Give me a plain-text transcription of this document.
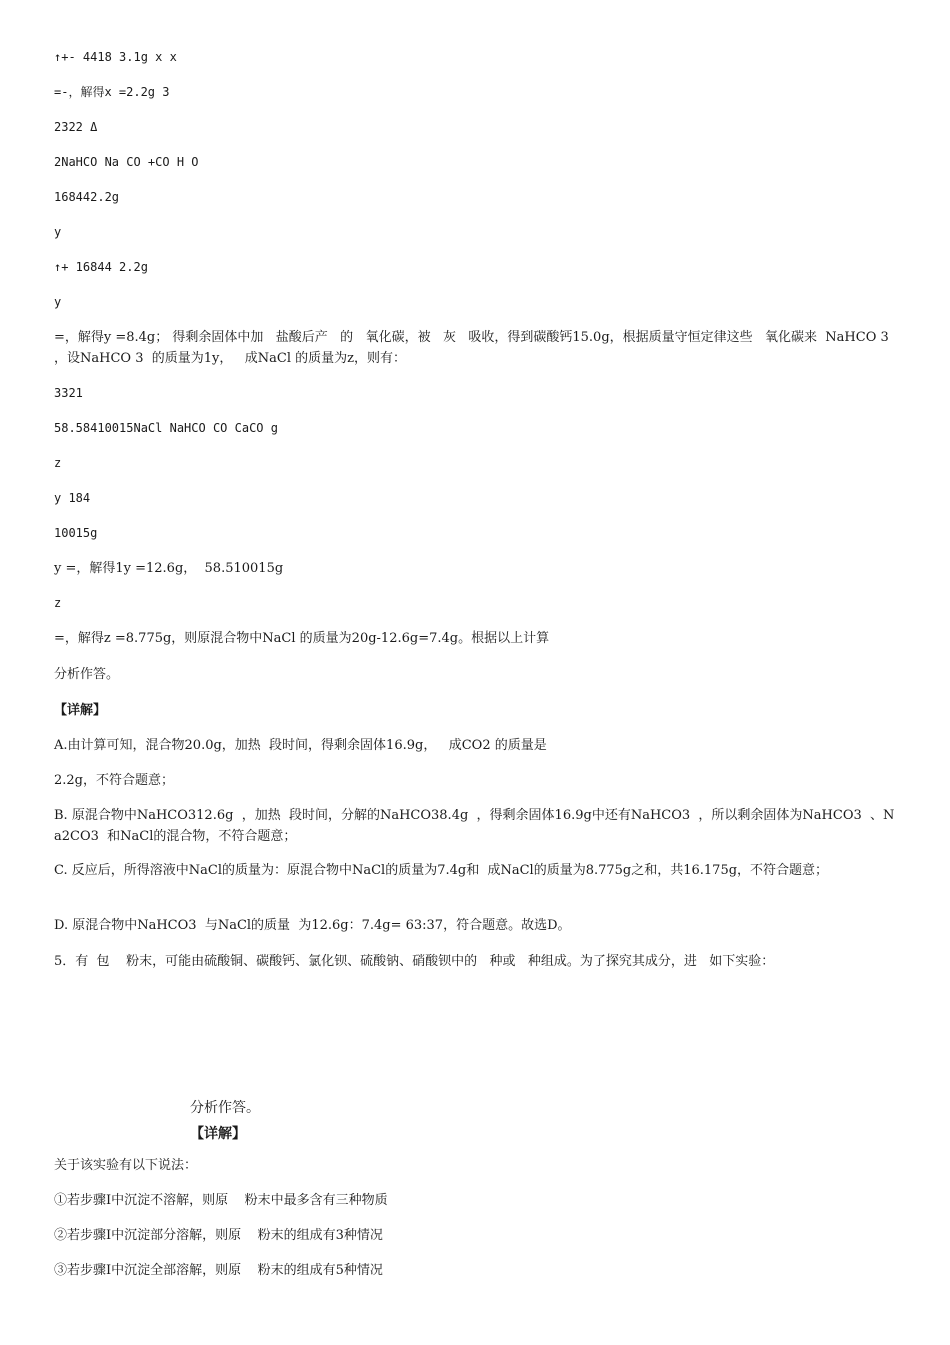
↑+- 4418 3.1g x x
=-，解得x =2.2g 3
2322 Δ
2NaHCO Na CO +CO H O
168442.2g
y
↑+ 16844 2.2g
y
=，解得y =8.4g； 得剩余固体中加   盐酸后产   的   氧化碳，被   灰   吸收，得到碳酸钙15.0g，根据质量守恒定律这些   氧化碳来  NaHCO 3  ，设NaHCO 3  的质量为1y，   成NaCl 的质量为z，则有：
3321
58.58410015NaCl NaHCO CO CaCO g
z
y 184
10015g
y =，解得1y =12.6g，  58.510015g
z
=，解得z =8.775g，则原混合物中NaCl 的质量为20g-12.6g=7.4g。根据以上计算
分析作答。
【详解】
A.由计算可知，混合物20.0g，加热  段时间，得剩余固体16.9g，   成CO2 的质量是
2.2g，不符合题意；
B. 原混合物中NaHCO312.6g  ，加热  段时间，分解的NaHCO38.4g  ，得剩余固体16.9g中还有NaHCO3  ，所以剩余固体为NaHCO3  、Na2CO3  和NaCl的混合物，不符合题意；
C. 反应后，所得溶液中NaCl的质量为：原混合物中NaCl的质量为7.4g和  成NaCl的质量为8.775g之和，共16.175g，不符合题意；
D. 原混合物中NaHCO3  与NaCl的质量  为12.6g：7.4g= 63:37，符合题意。故选D。
5．有  包    粉末，可能由硫酸铜、碳酸钙、氯化钡、硫酸钠、硝酸钡中的   种或   种组成。为了探究其成分，进   如下实验：
分析作答。
【详解】
关于该实验有以下说法：
①若步骤Ⅰ中沉淀不溶解，则原    粉末中最多含有三种物质
②若步骤Ⅰ中沉淀部分溶解，则原    粉末的组成有3种情况
③若步骤Ⅰ中沉淀全部溶解，则原    粉末的组成有5种情况
